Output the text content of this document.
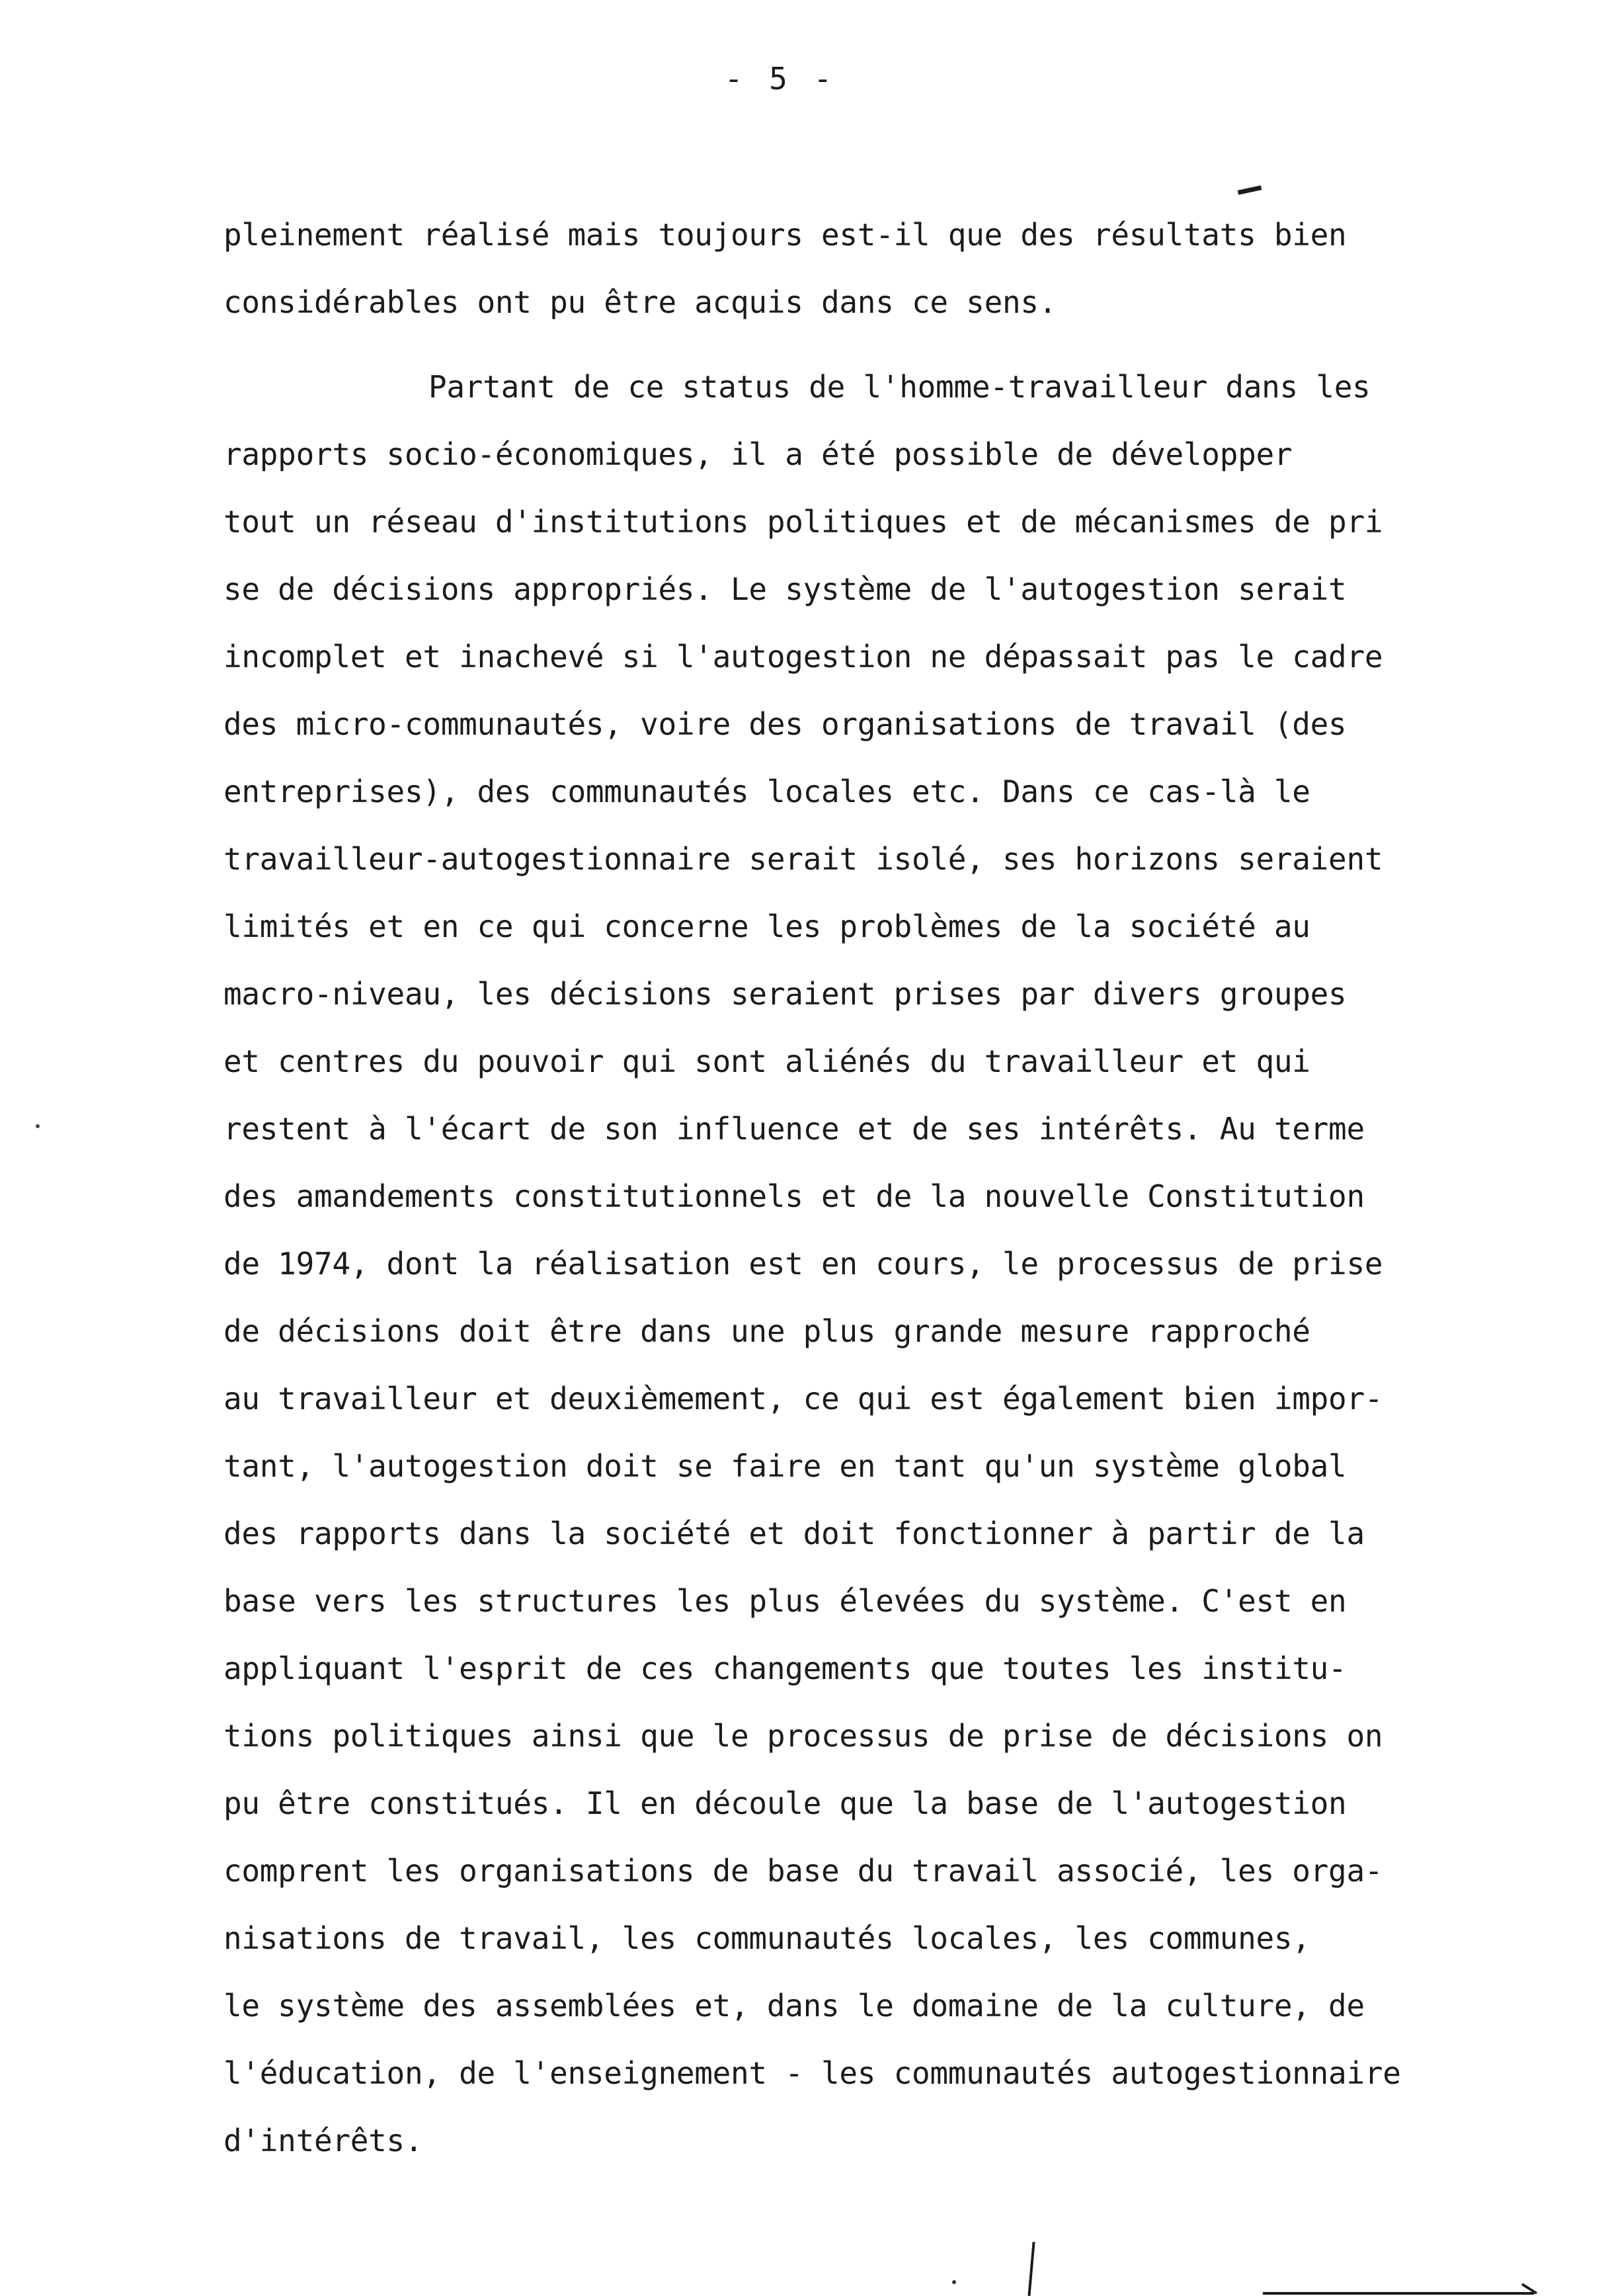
- 5 -
pleinement réalisé mais toujours est-il que des résultats bien
considérables ont pu être acquis dans ce sens.
Partant de ce status de l'homme-travailleur dans les
rapports socio-économiques, il a été possible de développer
tout un réseau d'institutions politiques et de mécanismes de pri
se de décisions appropriés. Le système de l'autogestion serait
incomplet et inachevé si l'autogestion ne dépassait pas le cadre
des micro-communautés, voire des organisations de travail (des
entreprises), des communautés locales etc. Dans ce cas-là le
travailleur-autogestionnaire serait isolé, ses horizons seraient
limités et en ce qui concerne les problèmes de la société au
macro-niveau, les décisions seraient prises par divers groupes
et centres du pouvoir qui sont aliénés du travailleur et qui
restent à l'écart de son influence et de ses intérêts. Au terme
des amandements constitutionnels et de la nouvelle Constitution
de 1974, dont la réalisation est en cours, le processus de prise
de décisions doit être dans une plus grande mesure rapproché
au travailleur et deuxièmement, ce qui est également bien impor-
tant, l'autogestion doit se faire en tant qu'un système global
des rapports dans la société et doit fonctionner à partir de la
base vers les structures les plus élevées du système. C'est en
appliquant l'esprit de ces changements que toutes les institu-
tions politiques ainsi que le processus de prise de décisions on
pu être constitués. Il en découle que la base de l'autogestion
comprent les organisations de base du travail associé, les orga-
nisations de travail, les communautés locales, les communes,
le système des assemblées et, dans le domaine de la culture, de
l'éducation, de l'enseignement - les communautés autogestionnaire
d'intérêts.
